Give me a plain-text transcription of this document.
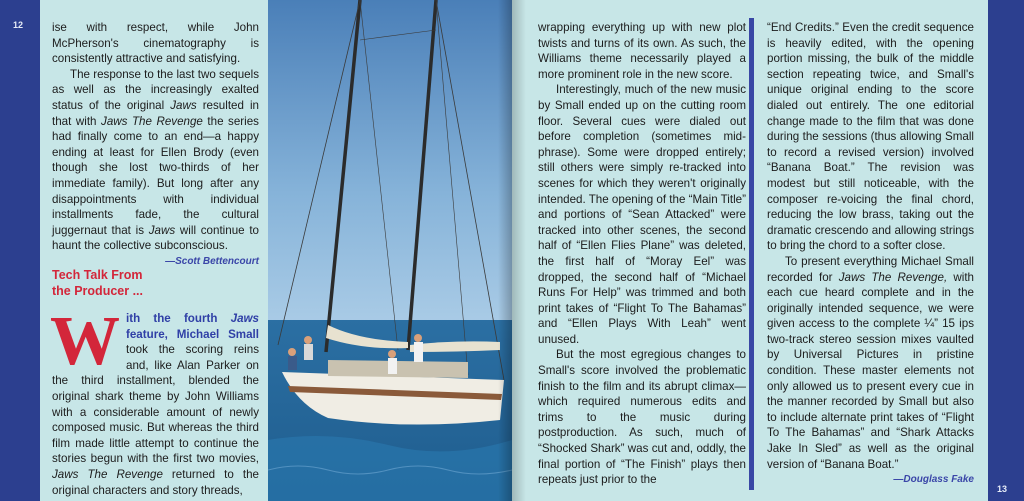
12 ise with respect, while John McPherson's cinematography is consistently attractive and satisfying.

The response to the last two sequels as well as the increasingly exalted status of the original Jaws resulted in that with Jaws The Revenge the series had finally come to an end—a happy ending at least for Ellen Brody (even though she lost two-thirds of her immediate family). But long after any disappointments with individual installments fade, the cultural juggernaut that is Jaws will continue to haunt the collective subconscious.
—Scott Bettencourt

Tech Talk From the Producer ...

With the fourth Jaws feature, Michael Small took the scoring reins and, like Alan Parker on the third installment, blended the original shark theme by John Williams with a considerable amount of newly composed music. But whereas the third film made little attempt to continue the stories begun with the first two movies, Jaws The Revenge returned to the original characters and story threads,	13

wrapping everything up with new plot twists and turns of its own. As such, the Williams theme necessarily played a more prominent role in the new score.

Interestingly, much of the new music by Small ended up on the cutting room floor. Several cues were dialed out before completion (sometimes mid-phrase). Some were dropped entirely; still others were simply re-tracked into scenes for which they weren't originally intended. The opening of the “Main Title” and portions of “Sean Attacked” were tracked into other scenes, the second half of “Ellen Flies Plane” was deleted, the first half of “Moray Eel” was dropped, the second half of “Michael Runs For Help” was trimmed and both print takes of “Flight To The Bahamas” and “Ellen Plays With Leah” went unused.

But the most egregious changes to Small's score involved the problematic finish to the film and its abrupt climax—which required numerous edits and trims to the music during postproduction. As such, much of “Shocked Shark” was cut and, oddly, the final portion of “The Finish” plays then repeats just prior to the

“End Credits.” Even the credit sequence is heavily edited, with the opening portion missing, the bulk of the middle section repeating twice, and Small's unique original ending to the score dialed out entirely. The one editorial change made to the film that was done during the sessions (thus allowing Small to record a revised version) involved “Banana Boat.” The revision was modest but still noticeable, with the composer re-voicing the final chord, reducing the low brass, taking out the dramatic crescendo and allowing strings to bring the chord to a softer close.

To present everything Michael Small recorded for Jaws The Revenge, with each cue heard complete and in the originally intended sequence, we were given access to the complete ¼” 15 ips two-track stereo session mixes vaulted by Universal Pictures in pristine condition. These master elements not only allowed us to present every cue in the manner recorded by Small but also to include alternate print takes of “Flight To The Bahamas” and “Shark Attacks Jake In Sled” as well as the original version of “Banana Boat.”
—Douglass Fake
